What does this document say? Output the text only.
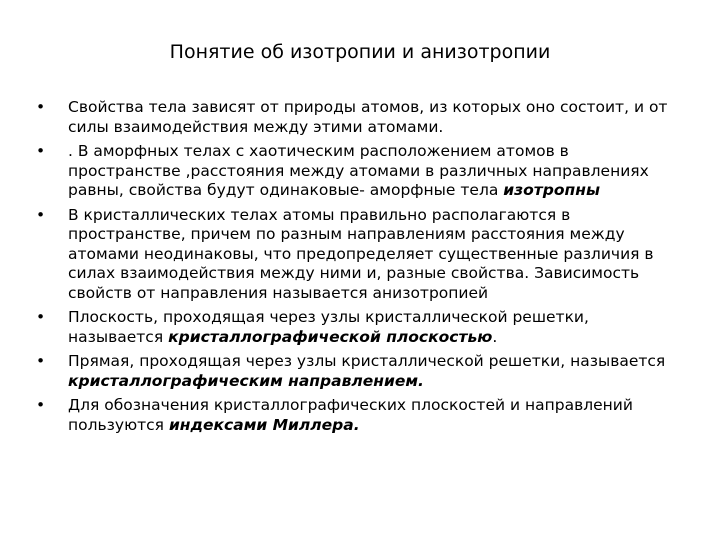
Понятие об изотропии и анизотропии
•	Свойства тела зависят от природы атомов, из которых оно состоит, и от силы взаимодействия между этими атомами.
•	. В аморфных телах с хаотическим расположением атомов в пространстве ,расстояния между атомами в различных направлениях равны, свойства будут одинаковые- аморфные тела изотропны
•	В кристаллических телах атомы правильно располагаются в пространстве, причем по разным направлениям расстояния между атомами неодинаковы, что предопределяет существенные различия в силах взаимодействия между ними и, разные свойства. Зависимость свойств от направления называется анизотропией
•	Плоскость, проходящая через узлы кристаллической решетки, называется кристаллографической плоскостью.
•	Прямая, проходящая через узлы кристаллической решетки, называется кристаллографическим направлением.
•	Для обозначения кристаллографических плоскостей и направлений пользуются индексами Миллера.
